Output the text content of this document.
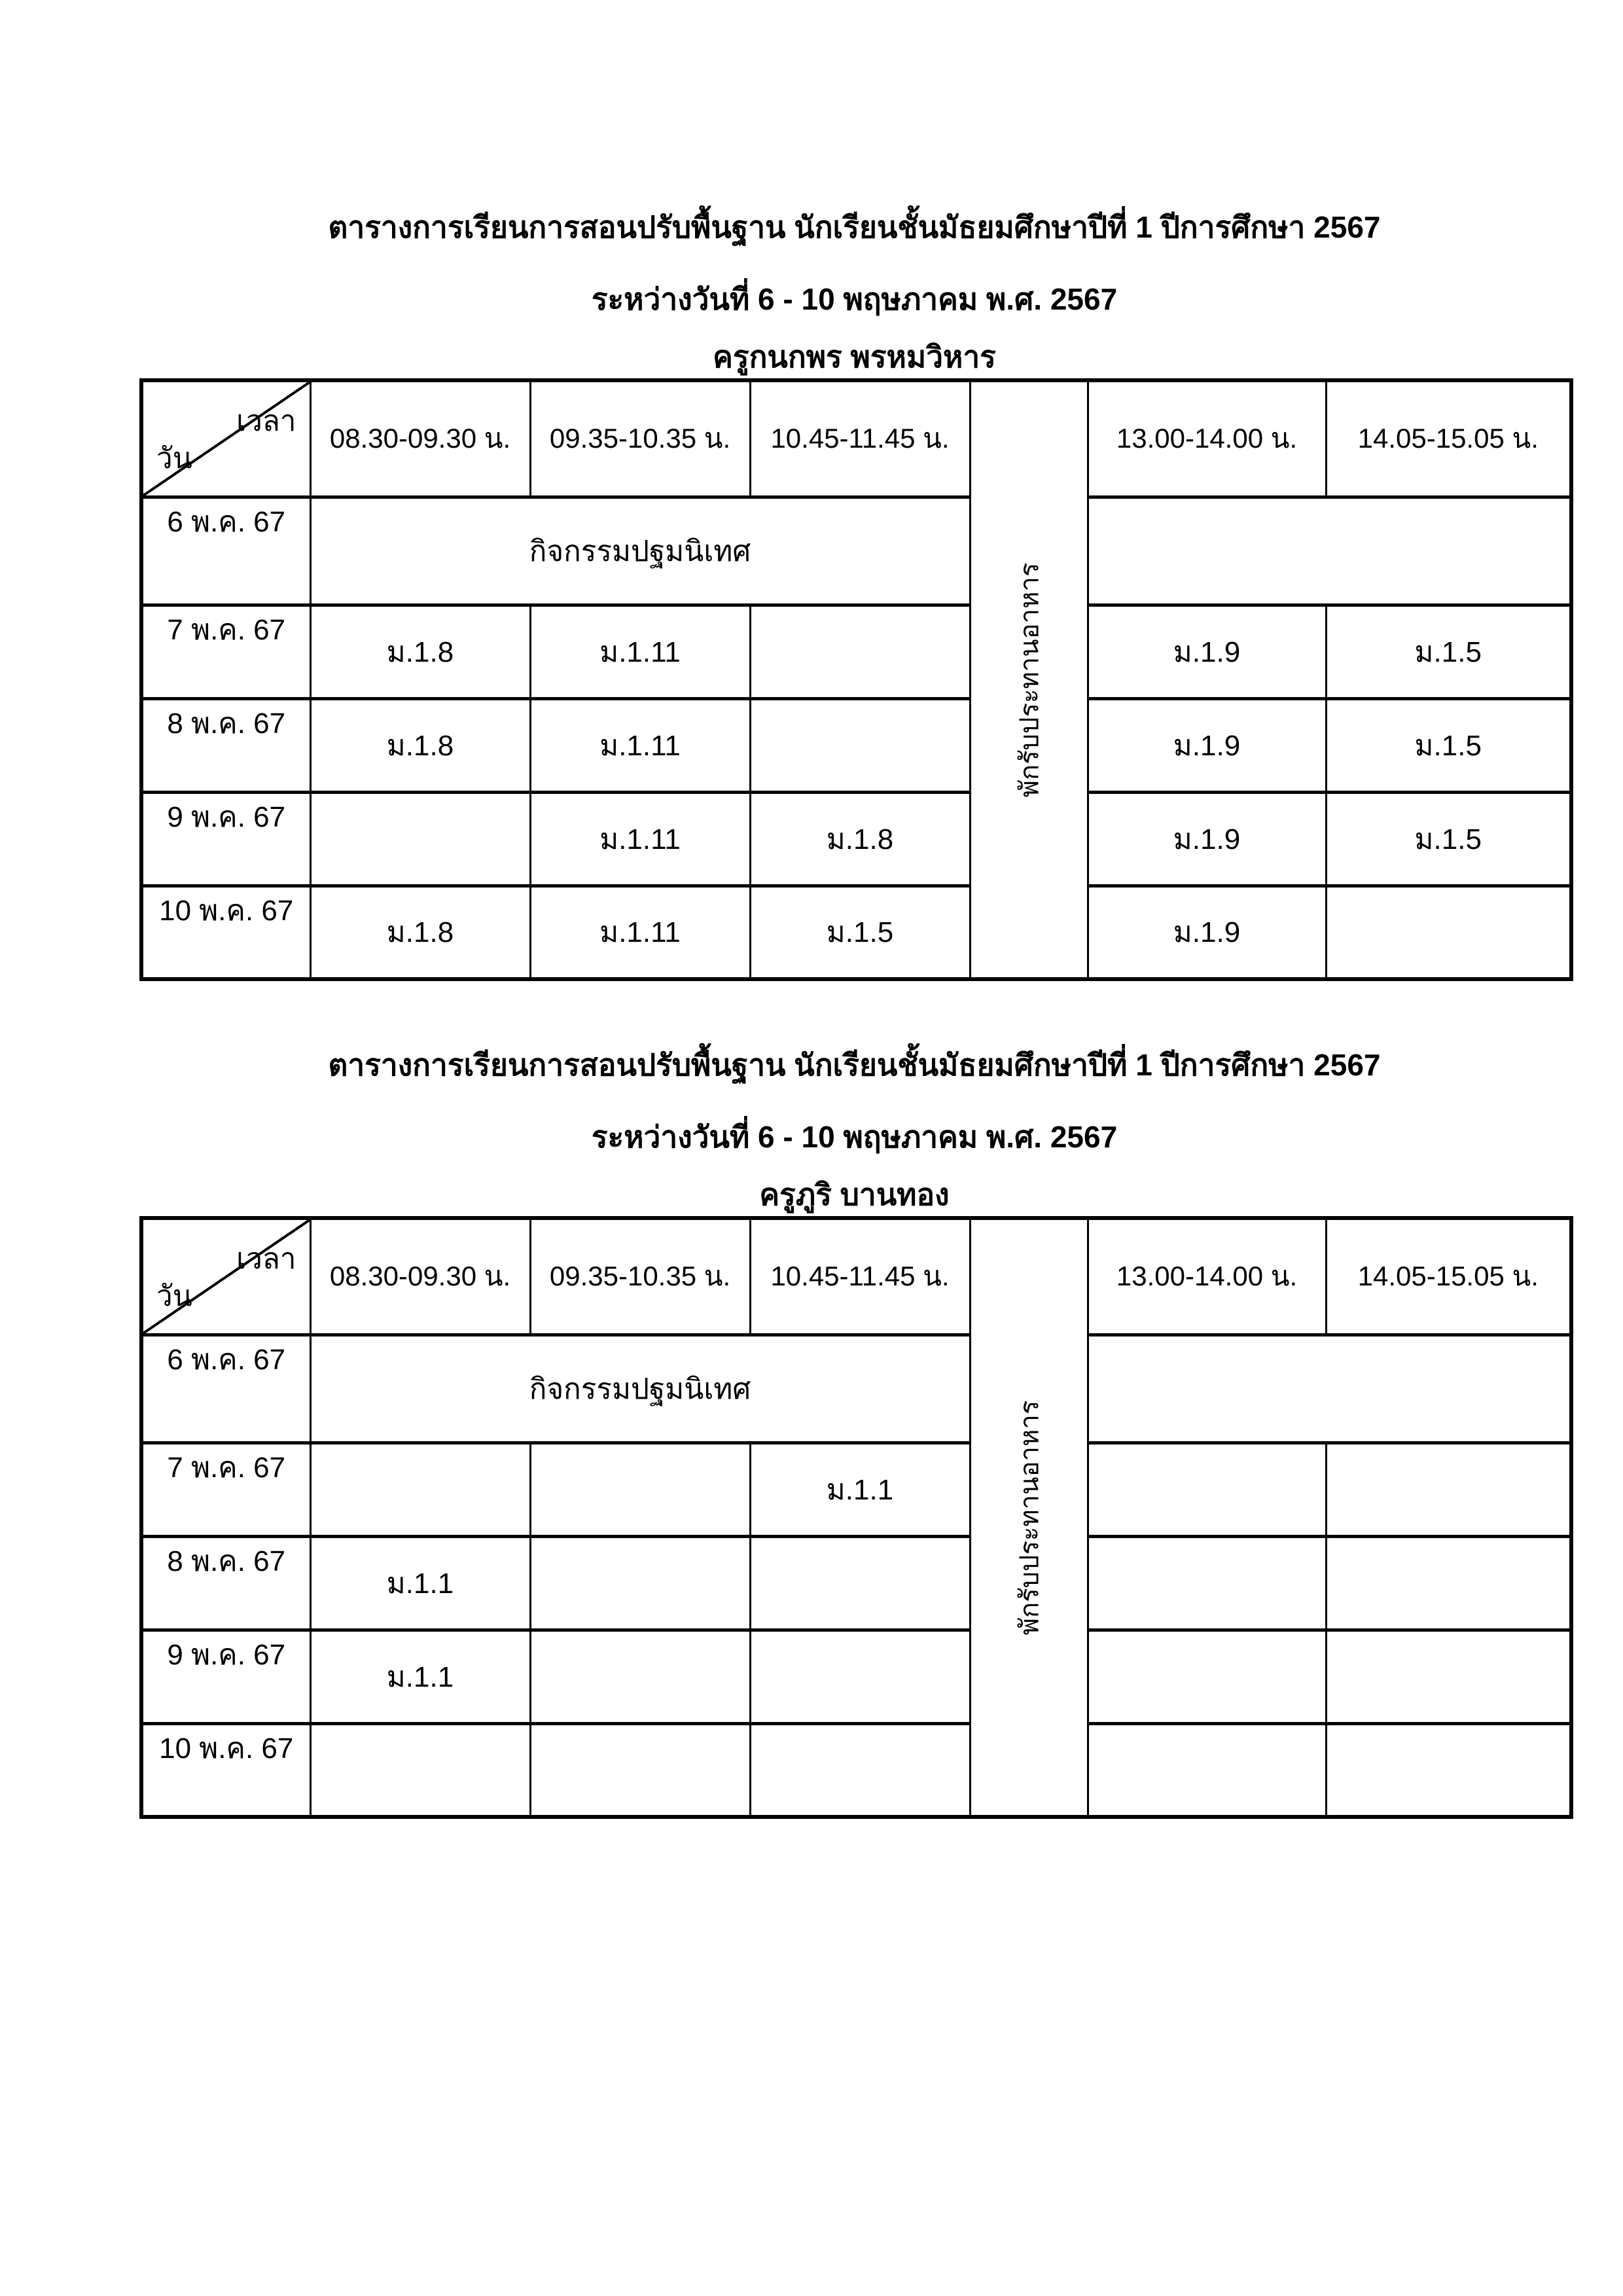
ตารางการเรียนการสอนปรับพื้นฐาน นักเรียนชั้นมัธยมศึกษาปีที่ 1 ปีการศึกษา 2567
ระหว่างวันที่ 6 - 10 พฤษภาคม พ.ศ. 2567
ครูกนกพร พรหมวิหาร
เวลา
วัน	08.30-09.30 น.	09.35-10.35 น.	10.45-11.45 น.	พักรับประทานอาหาร	13.00-14.00 น.	14.05-15.05 น.
6 พ.ค. 67	กิจกรรมปฐมนิเทศ					
7 พ.ค. 67	ม.1.8	ม.1.11			ม.1.9	ม.1.5
8 พ.ค. 67	ม.1.8	ม.1.11			ม.1.9	ม.1.5
9 พ.ค. 67		ม.1.11	ม.1.8		ม.1.9	ม.1.5
10 พ.ค. 67	ม.1.8	ม.1.11	ม.1.5		ม.1.9	
ตารางการเรียนการสอนปรับพื้นฐาน นักเรียนชั้นมัธยมศึกษาปีที่ 1 ปีการศึกษา 2567
ระหว่างวันที่ 6 - 10 พฤษภาคม พ.ศ. 2567
ครูภูริ บานทอง
เวลา
วัน	08.30-09.30 น.	09.35-10.35 น.	10.45-11.45 น.	พักรับประทานอาหาร	13.00-14.00 น.	14.05-15.05 น.
6 พ.ค. 67	กิจกรรมปฐมนิเทศ					
7 พ.ค. 67			ม.1.1			
8 พ.ค. 67	ม.1.1					
9 พ.ค. 67	ม.1.1					
10 พ.ค. 67						
